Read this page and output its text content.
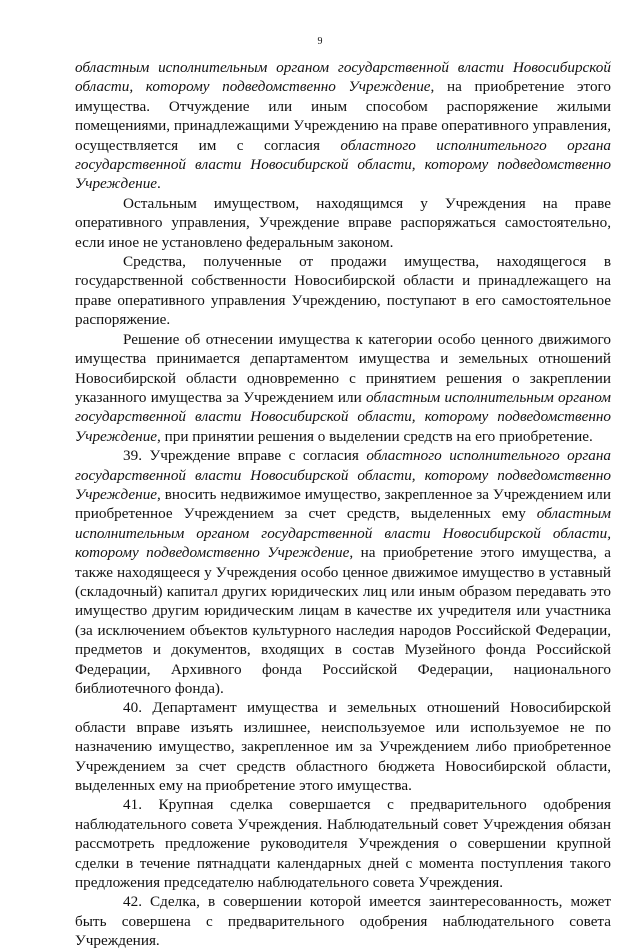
9

областным исполнительным органом государственной власти Новосибирской области, которому подведомственно Учреждение, на приобретение этого имущества. Отчуждение или иным способом распоряжение жилыми помещениями, принадлежащими Учреждению на праве оперативного управления, осуществляется им с согласия областного исполнительного органа государственной власти Новосибирской области, которому подведомственно Учреждение.

Остальным имуществом, находящимся у Учреждения на праве оперативного управления, Учреждение вправе распоряжаться самостоятельно, если иное не установлено федеральным законом.

Средства, полученные от продажи имущества, находящегося в государственной собственности Новосибирской области и принадлежащего на праве оперативного управления Учреждению, поступают в его самостоятельное распоряжение.

Решение об отнесении имущества к категории особо ценного движимого имущества принимается департаментом имущества и земельных отношений Новосибирской области одновременно с принятием решения о закреплении указанного имущества за Учреждением или областным исполнительным органом государственной власти Новосибирской области, которому подведомственно Учреждение, при принятии решения о выделении средств на его приобретение.

39. Учреждение вправе с согласия областного исполнительного органа государственной власти Новосибирской области, которому подведомственно Учреждение, вносить недвижимое имущество, закрепленное за Учреждением или приобретенное Учреждением за счет средств, выделенных ему областным исполнительным органом государственной власти Новосибирской области, которому подведомственно Учреждение, на приобретение этого имущества, а также находящееся у Учреждения особо ценное движимое имущество в уставный (складочный) капитал других юридических лиц или иным образом передавать это имущество другим юридическим лицам в качестве их учредителя или участника (за исключением объектов культурного наследия народов Российской Федерации, предметов и документов, входящих в состав Музейного фонда Российской Федерации, Архивного фонда Российской Федерации, национального библиотечного фонда).

40. Департамент имущества и земельных отношений Новосибирской области вправе изъять излишнее, неиспользуемое или используемое не по назначению имущество, закрепленное им за Учреждением либо приобретенное Учреждением за счет средств областного бюджета Новосибирской области, выделенных ему на приобретение этого имущества.

41. Крупная сделка совершается с предварительного одобрения наблюдательного совета Учреждения. Наблюдательный совет Учреждения обязан рассмотреть предложение руководителя Учреждения о совершении крупной сделки в течение пятнадцати календарных дней с момента поступления такого предложения председателю наблюдательного совета Учреждения.

42. Сделка, в совершении которой имеется заинтересованность, может быть совершена с предварительного одобрения наблюдательного совета Учреждения.
